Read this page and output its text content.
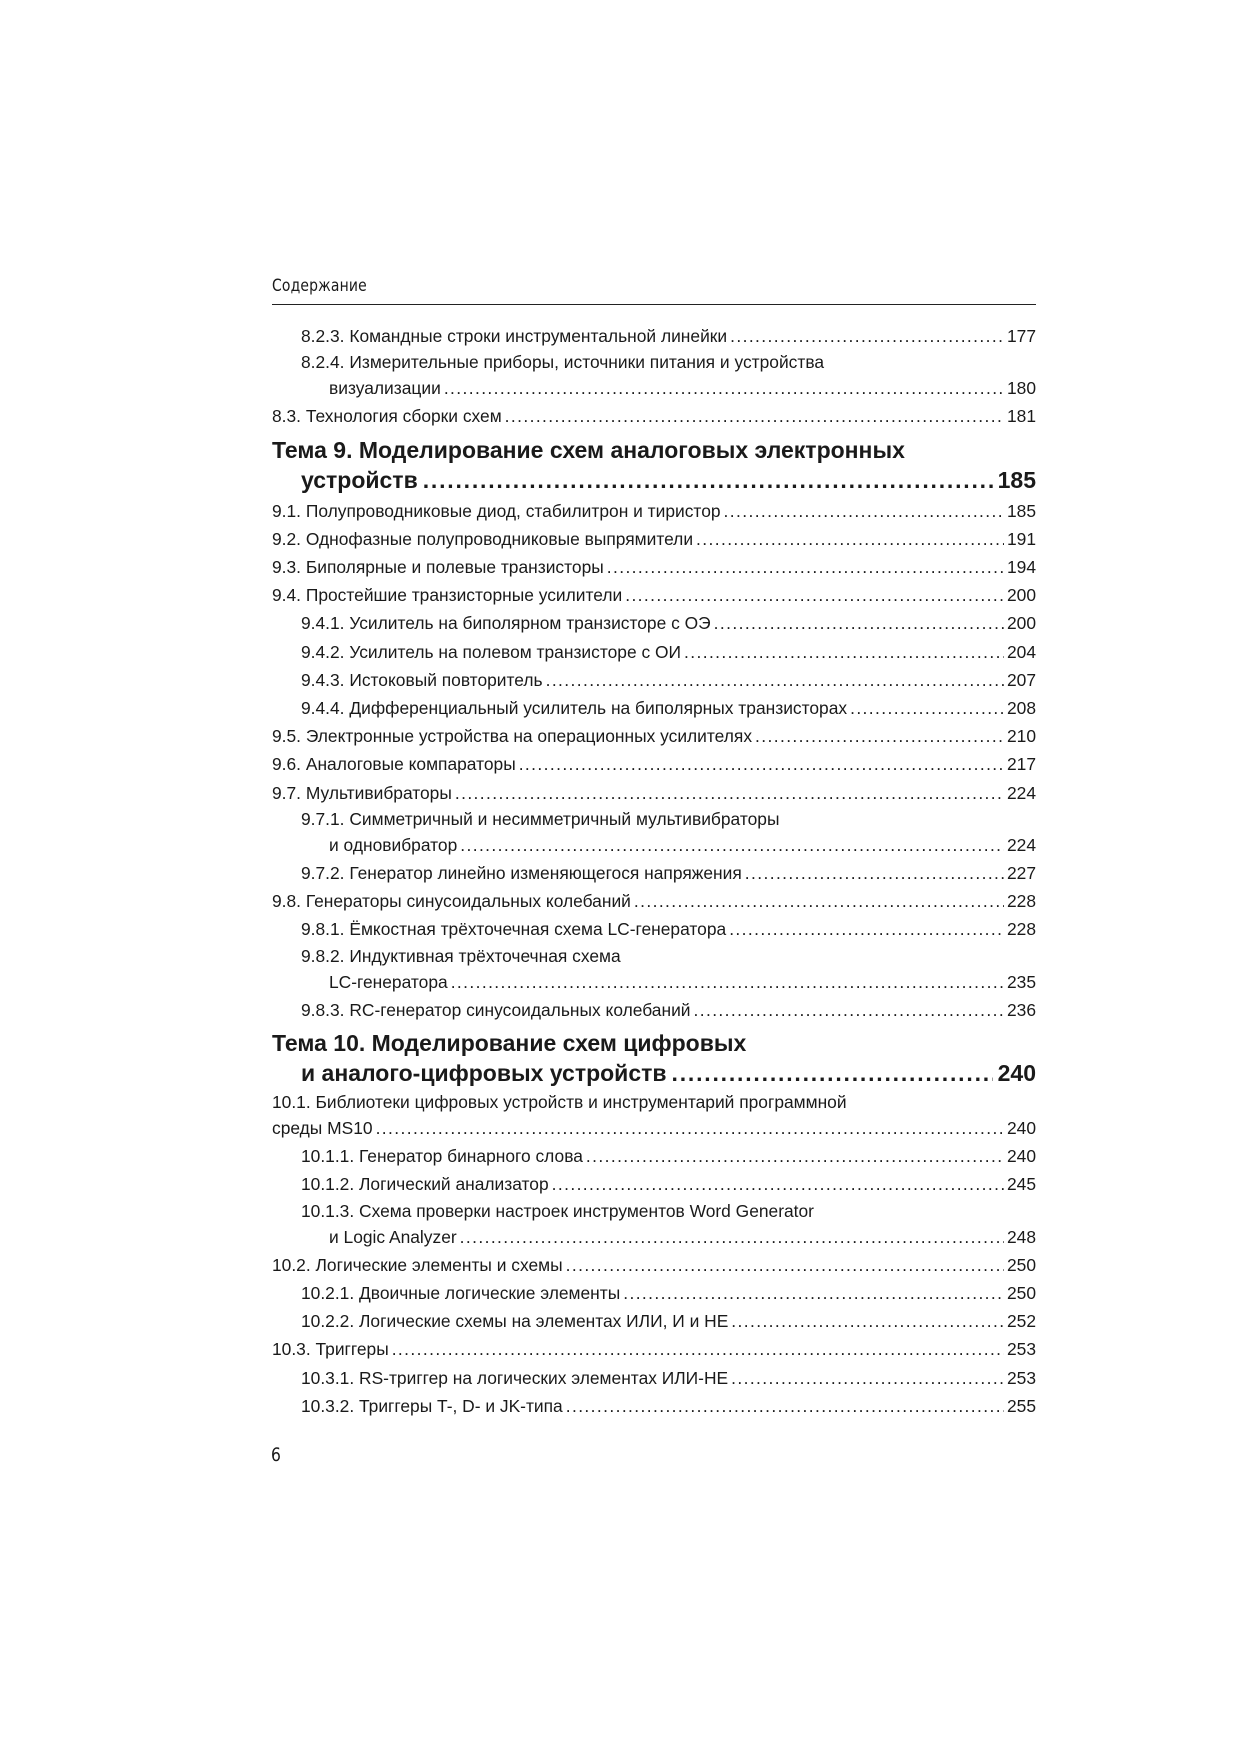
Содержание
8.2.3. Командные строки инструментальной линейки .....	177
8.2.4. Измерительные приборы, источники питания и устройства
визуализации .....	180
8.3. Технология сборки схем .....	181
Тема 9. Моделирование схем аналоговых электронных
устройств .....	185
9.1. Полупроводниковые диод, стабилитрон и тиристор .....	185
9.2. Однофазные полупроводниковые выпрямители .....	191
9.3. Биполярные и полевые транзисторы .....	194
9.4. Простейшие транзисторные усилители .....	200
9.4.1. Усилитель на биполярном транзисторе с ОЭ .....	200
9.4.2. Усилитель на полевом транзисторе с ОИ .....	204
9.4.3. Истоковый повторитель .....	207
9.4.4. Дифференциальный усилитель на биполярных транзисторах .....	208
9.5. Электронные устройства на операционных усилителях .....	210
9.6. Аналоговые компараторы .....	217
9.7. Мультивибраторы .....	224
9.7.1. Симметричный и несимметричный мультивибраторы
и одновибратор .....	224
9.7.2. Генератор линейно изменяющегося напряжения .....	227
9.8. Генераторы синусоидальных колебаний .....	228
9.8.1. Ёмкостная трёхточечная схема LC-генератора .....	228
9.8.2. Индуктивная трёхточечная схема
LC-генератора .....	235
9.8.3. RC-генератор синусоидальных колебаний .....	236
Тема 10. Моделирование схем цифровых
и аналого-цифровых устройств .....	240
10.1. Библиотеки цифровых устройств и инструментарий программной
среды MS10 .....	240
10.1.1. Генератор бинарного слова .....	240
10.1.2. Логический анализатор .....	245
10.1.3. Схема проверки настроек инструментов Word Generator
и Logic Analyzer .....	248
10.2. Логические элементы и схемы .....	250
10.2.1. Двоичные логические элементы .....	250
10.2.2. Логические схемы на элементах ИЛИ, И и НЕ .....	252
10.3. Триггеры .....	253
10.3.1. RS-триггер на логических элементах ИЛИ-НЕ .....	253
10.3.2. Триггеры T-, D- и JK-типа .....	255
6
